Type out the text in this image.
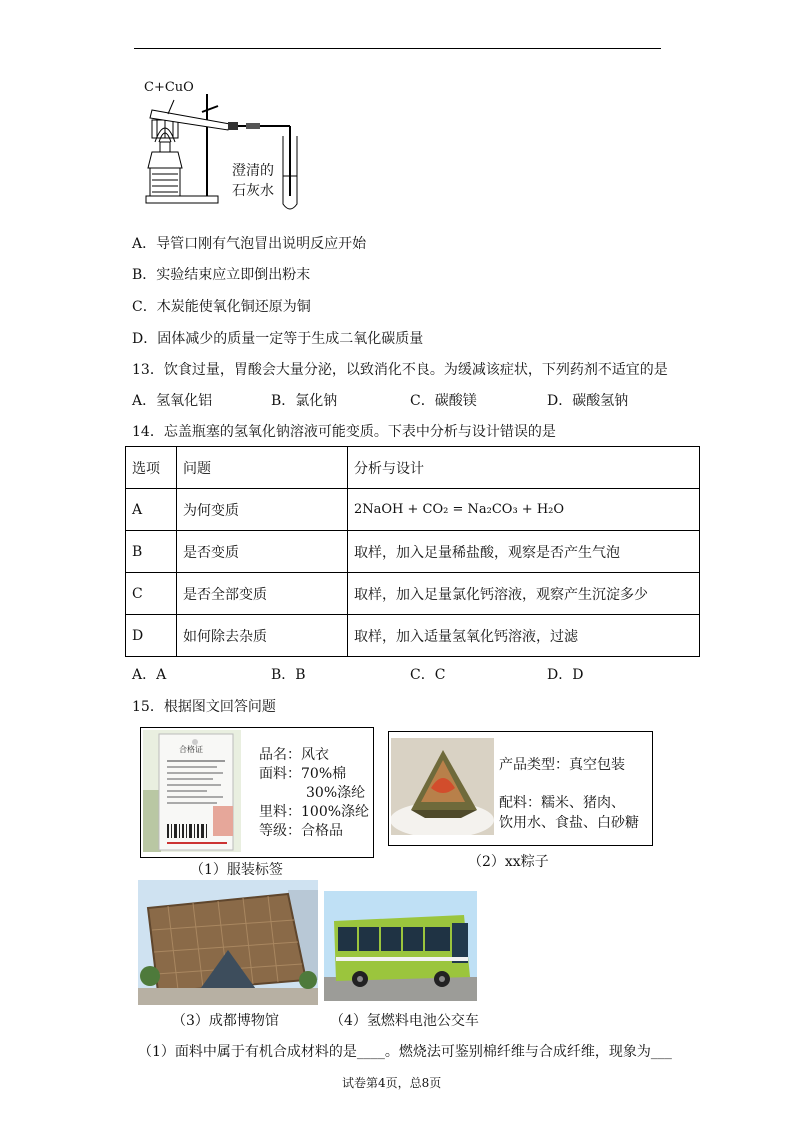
C+CuO
澄清的
石灰水
A．导管口刚有气泡冒出说明反应开始
B．实验结束应立即倒出粉末
C．木炭能使氧化铜还原为铜
D．固体减少的质量一定等于生成二氧化碳质量
13．饮食过量，胃酸会大量分泌，以致消化不良。为缓减该症状，下列药剂不适宜的是
A．氢氧化铝	B．氯化钠	C．碳酸镁	D．碳酸氢钠
14．忘盖瓶塞的氢氧化钠溶液可能变质。下表中分析与设计错误的是
选项	问题	分析与设计
A	为何变质	2NaOH + CO₂ = Na₂CO₃ + H₂O
B	是否变质	取样，加入足量稀盐酸，观察是否产生气泡
C	是否全部变质	取样，加入足量氯化钙溶液，观察产生沉淀多少
D	如何除去杂质	取样，加入适量氢氧化钙溶液，过滤
A．A	B．B	C．C	D．D
15．根据图文回答问题
合格证	品名：风衣
面料：70%棉
30%涤纶
里料：100%涤纶
等级：合格品
（1）服装标签
产品类型：真空包装
配料：糯米、猪肉、
饮用水、食盐、白砂糖
（2）xx粽子
（3）成都博物馆	（4）氢燃料电池公交车
（1）面料中属于有机合成材料的是____。燃烧法可鉴别棉纤维与合成纤维，现象为___
试卷第4页，总8页
